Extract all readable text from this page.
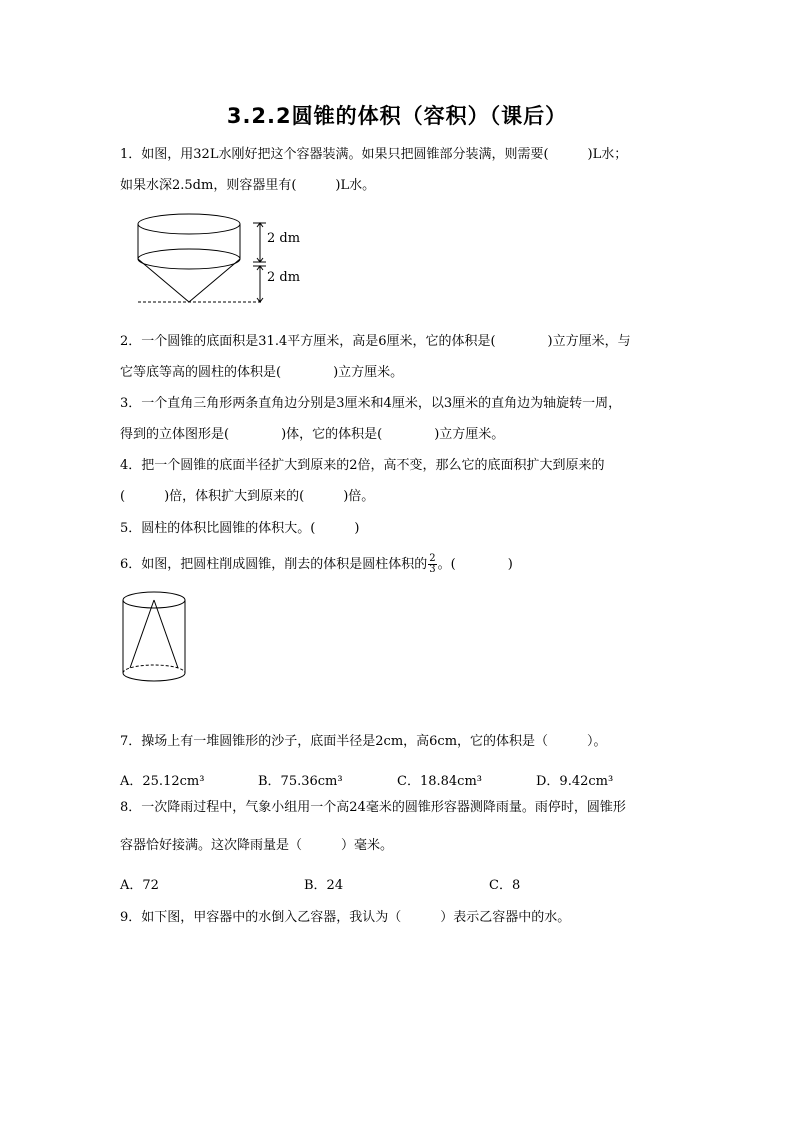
3.2.2圆锥的体积（容积）（课后）
1．如图，用32L水刚好把这个容器装满。如果只把圆锥部分装满，则需要(　　　)L水；
如果水深2.5dm，则容器里有(　　　)L水。
2 dm
2 dm
2．一个圆锥的底面积是31.4平方厘米，高是6厘米，它的体积是(　　　　)立方厘米，与
它等底等高的圆柱的体积是(　　　　)立方厘米。
3．一个直角三角形两条直角边分别是3厘米和4厘米，以3厘米的直角边为轴旋转一周，
得到的立体图形是(　　　　)体，它的体积是(　　　　)立方厘米。
4．把一个圆锥的底面半径扩大到原来的2倍，高不变，那么它的底面积扩大到原来的
(　　　)倍，体积扩大到原来的(　　　)倍。
5．圆柱的体积比圆锥的体积大。(　　　)
6．如图，把圆柱削成圆锥，削去的体积是圆柱体积的 $\frac{2}{3}$ 。(　　　　)
7．操场上有一堆圆锥形的沙子，底面半径是2cm，高6cm，它的体积是（　　　）。
A．25.12cm³	B．75.36cm³	C．18.84cm³	D．9.42cm³
8．一次降雨过程中，气象小组用一个高24毫米的圆锥形容器测降雨量。雨停时，圆锥形
容器恰好接满。这次降雨量是（　　　）毫米。
A．72	B．24	C．8
9．如下图，甲容器中的水倒入乙容器，我认为（　　　）表示乙容器中的水。
